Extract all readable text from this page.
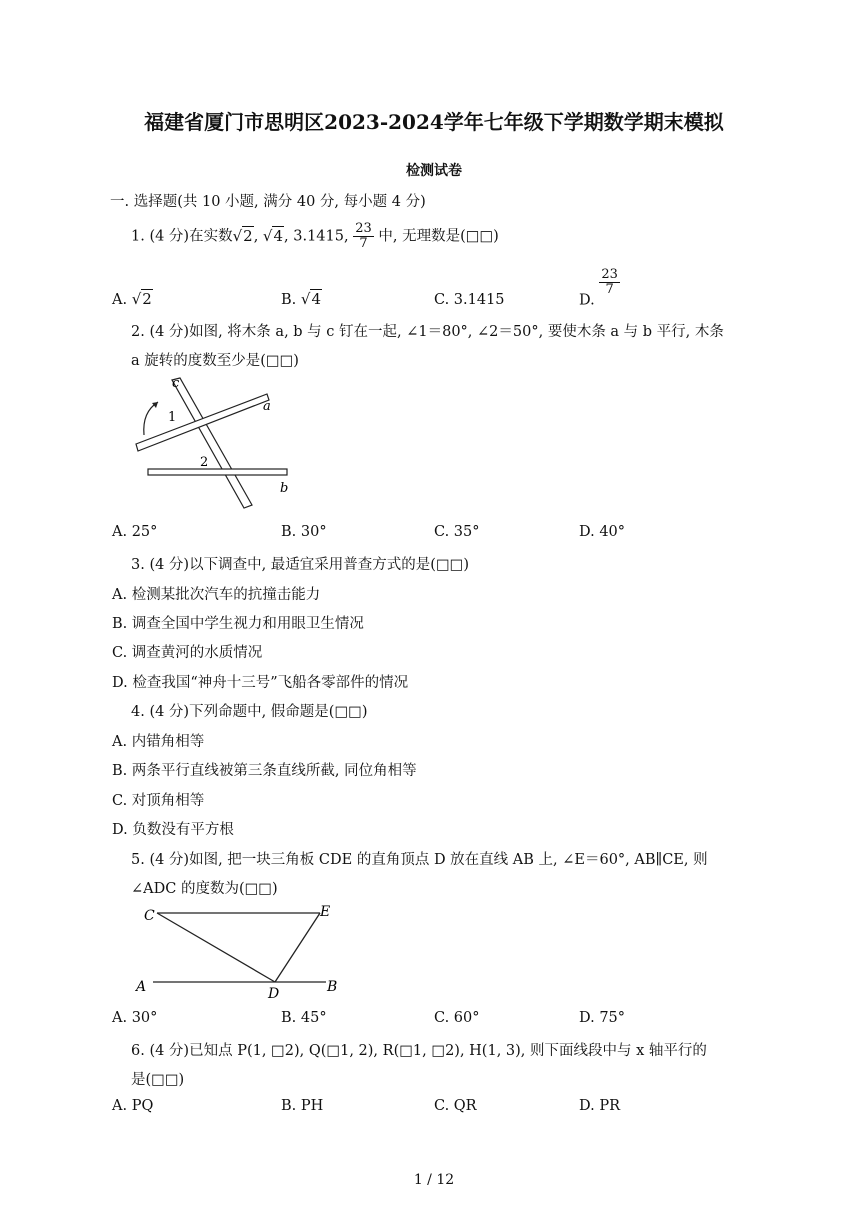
福建省厦门市思明区2023-2024学年七年级下学期数学期末模拟
检测试卷
一. 选择题(共 10 小题, 满分 40 分, 每小题 4 分)
1. (4 分)在实数√2, √4, 3.1415, $\frac{23}{7}$ 中, 无理数是(□□)
A. √2	B. √4	C. 3.1415	D.
$\frac{23}{7}$
2. (4 分)如图, 将木条 a, b 与 c 钉在一起, ∠1＝80°, ∠2＝50°, 要使木条 a 与 b 平行, 木条
a 旋转的度数至少是(□□)
c
a
b
1
2
A. 25°	B. 30°	C. 35°	D. 40°
3. (4 分)以下调查中, 最适宜采用普查方式的是(□□)
A. 检测某批次汽车的抗撞击能力
B. 调查全国中学生视力和用眼卫生情况
C. 调查黄河的水质情况
D. 检查我国“神舟十三号”飞船各零部件的情况
4. (4 分)下列命题中, 假命题是(□□)
A. 内错角相等
B. 两条平行直线被第三条直线所截, 同位角相等
C. 对顶角相等
D. 负数没有平方根
5. (4 分)如图, 把一块三角板 CDE 的直角顶点 D 放在直线 AB 上, ∠E＝60°, AB∥CE, 则
∠ADC 的度数为(□□)
C	E
A	D	B
A. 30°	B. 45°	C. 60°	D. 75°
6. (4 分)已知点 P(1, □2), Q(□1, 2), R(□1, □2), H(1, 3), 则下面线段中与 x 轴平行的
是(□□)
A. PQ	B. PH	C. QR	D. PR
1 / 12
